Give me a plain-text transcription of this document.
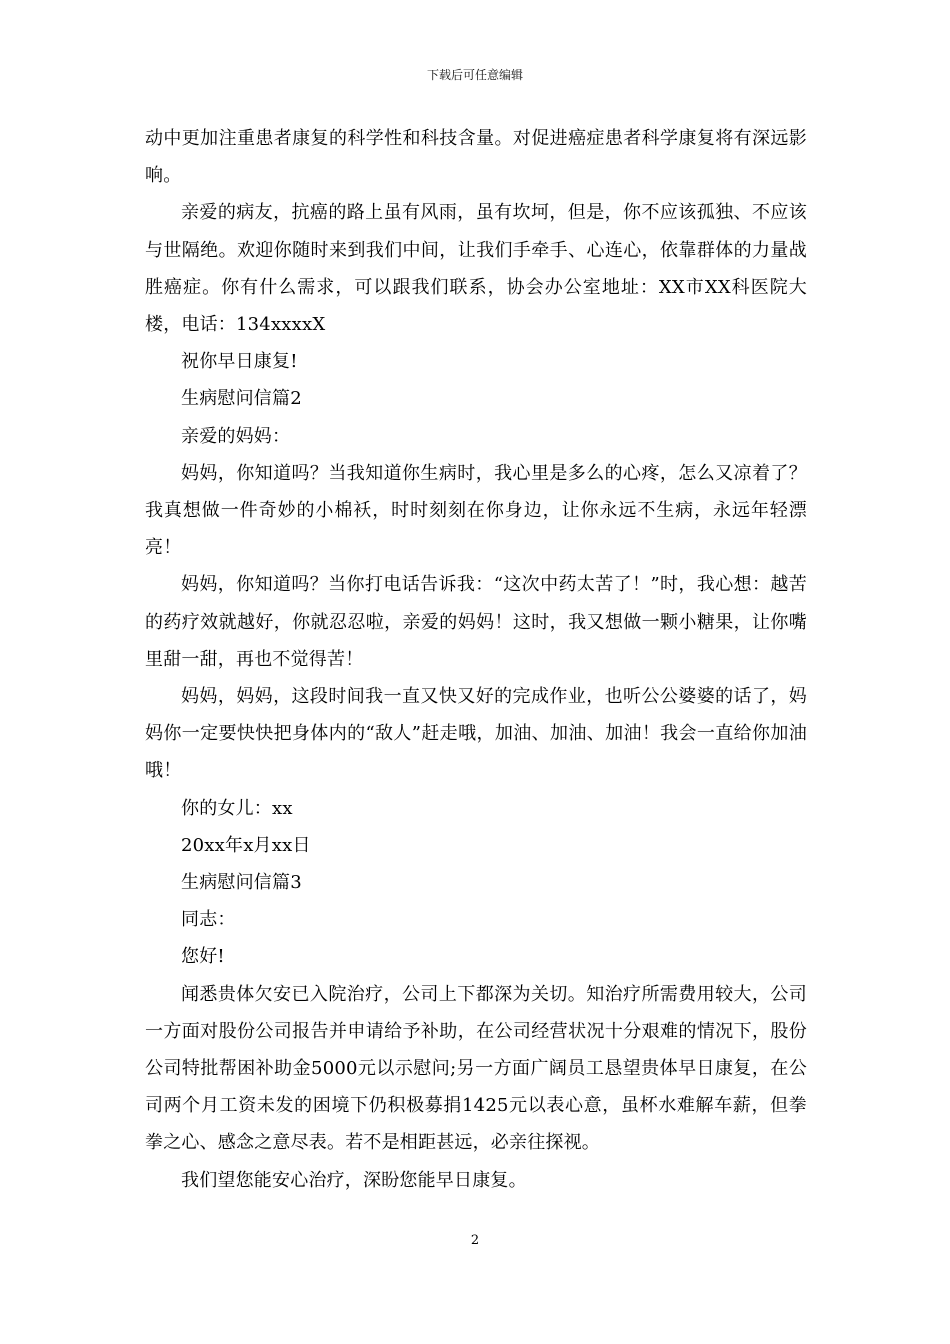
下载后可任意编辑

动中更加注重患者康复的科学性和科技含量。对促进癌症患者科学康复将有深远影响。

亲爱的病友，抗癌的路上虽有风雨，虽有坎坷，但是，你不应该孤独、不应该与世隔绝。欢迎你随时来到我们中间，让我们手牵手、心连心，依靠群体的力量战胜癌症。你有什么需求，可以跟我们联系，协会办公室地址：XX市XX科医院大楼，电话：134xxxxX

祝你早日康复!

生病慰问信篇2

亲爱的妈妈：

妈妈，你知道吗？当我知道你生病时，我心里是多么的心疼，怎么又凉着了？我真想做一件奇妙的小棉袄，时时刻刻在你身边，让你永远不生病，永远年轻漂亮！

妈妈，你知道吗？当你打电话告诉我：“这次中药太苦了！”时，我心想：越苦的药疗效就越好，你就忍忍啦，亲爱的妈妈！这时，我又想做一颗小糖果，让你嘴里甜一甜，再也不觉得苦！

妈妈，妈妈，这段时间我一直又快又好的完成作业，也听公公婆婆的话了，妈妈你一定要快快把身体内的“敌人”赶走哦，加油、加油、加油！我会一直给你加油哦！

你的女儿：xx

20xx年x月xx日

生病慰问信篇3

同志：

您好!

闻悉贵体欠安已入院治疗，公司上下都深为关切。知治疗所需费用较大，公司一方面对股份公司报告并申请给予补助，在公司经营状况十分艰难的情况下，股份公司特批帮困补助金5000元以示慰问;另一方面广阔员工恳望贵体早日康复，在公司两个月工资未发的困境下仍积极募捐1425元以表心意，虽杯水难解车薪，但拳拳之心、感念之意尽表。若不是相距甚远，必亲往探视。

我们望您能安心治疗，深盼您能早日康复。

2
